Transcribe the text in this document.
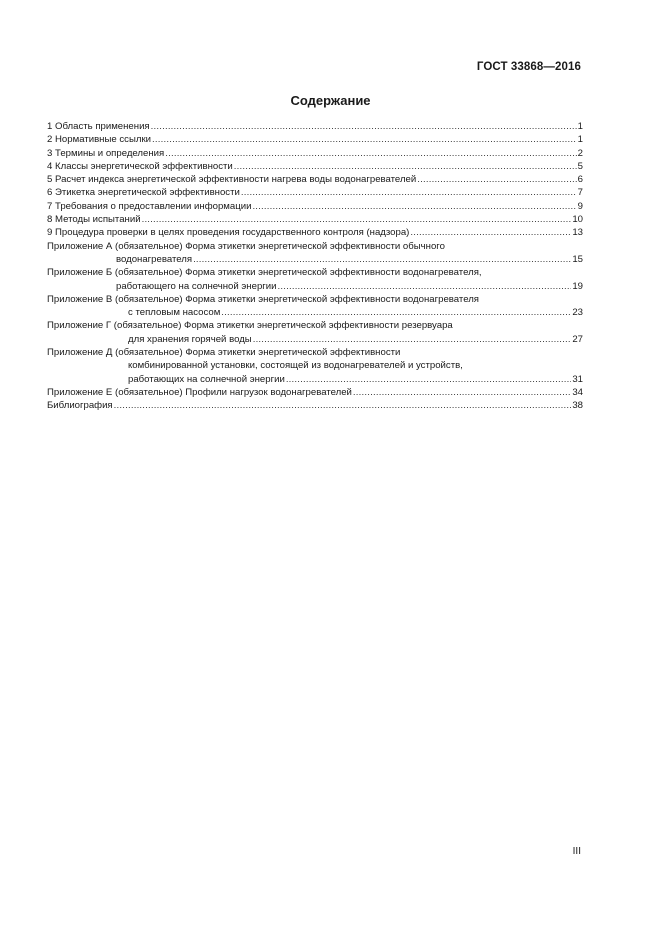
ГОСТ 33868—2016
Содержание
1 Область применения .....	1
2 Нормативные ссылки .....	1
3 Термины и определения .....	2
4 Классы энергетической эффективности .....	5
5 Расчет индекса энергетической эффективности нагрева воды водонагревателей .....	6
6 Этикетка энергетической эффективности .....	7
7 Требования о предоставлении информации .....	9
8 Методы испытаний .....	10
9 Процедура проверки в целях проведения государственного контроля (надзора) .....	13
Приложение А (обязательное) Форма этикетки энергетической эффективности обычного
водонагревателя .....	15
Приложение Б (обязательное) Форма этикетки энергетической эффективности водонагревателя,
работающего на солнечной энергии .....	19
Приложение В (обязательное) Форма этикетки энергетической эффективности водонагревателя
с тепловым насосом .....	23
Приложение Г (обязательное) Форма этикетки энергетической эффективности резервуара
для хранения горячей воды .....	27
Приложение Д (обязательное) Форма этикетки энергетической эффективности
комбинированной установки, состоящей из водонагревателей и устройств,
работающих на солнечной энергии .....	31
Приложение Е (обязательное) Профили нагрузок водонагревателей .....	34
Библиография .....	38
III
